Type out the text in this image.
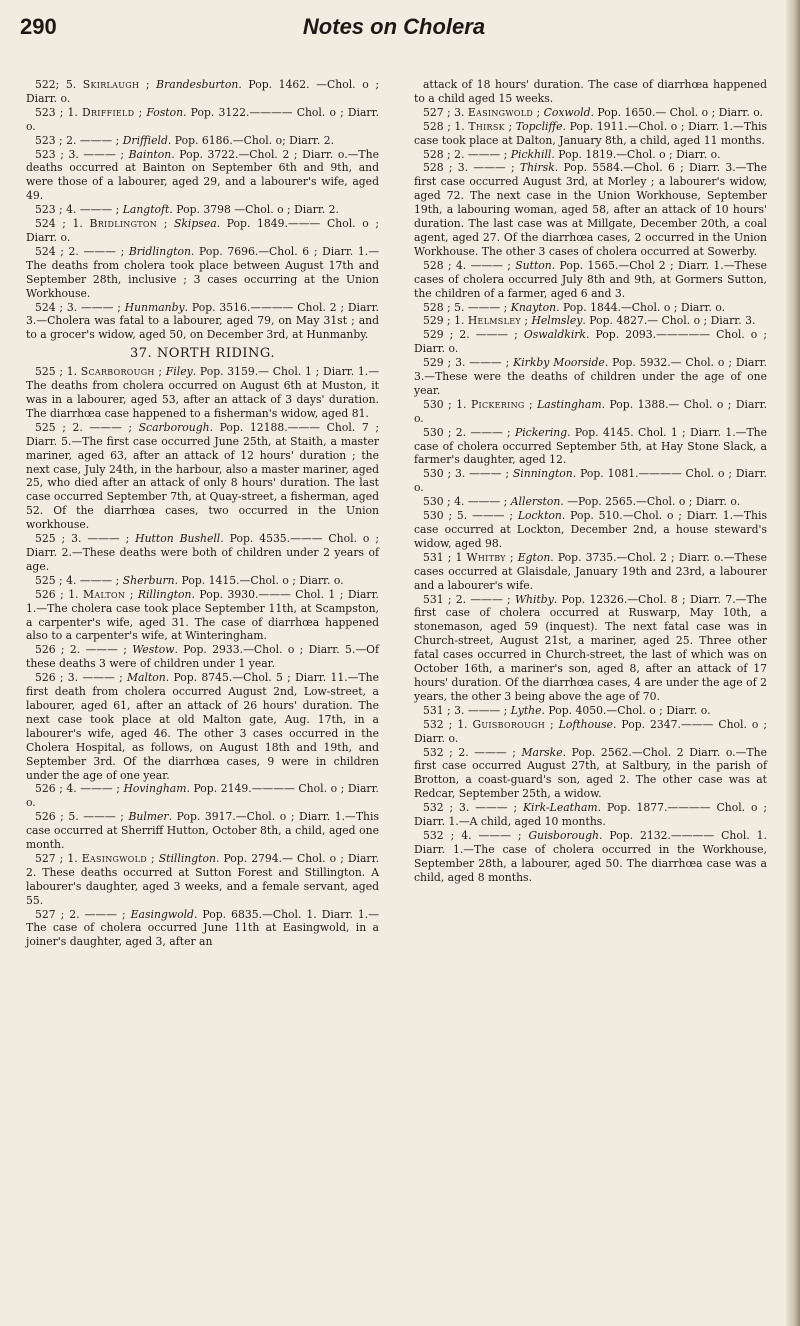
290	Notes on Cholera

522; 5. Skirlaugh ; Brandesburton. Pop. 1462. —Chol. o ; Diarr. o.

523 ; 1. Driffield ; Foston. Pop. 3122.———— Chol. o ; Diarr. o.

523 ; 2. ——— ; Driffield. Pop. 6186.—Chol. o; Diarr. 2.

523 ; 3. ——— ; Bainton. Pop. 3722.—Chol. 2 ; Diarr. o.—The deaths occurred at Bainton on September 6th and 9th, and were those of a labourer, aged 29, and a labourer's wife, aged 49.

523 ; 4. ——— ; Langtoft. Pop. 3798 —Chol. o ; Diarr. 2.

524 ; 1. Bridlington ; Skipsea. Pop. 1849.——— Chol. o ; Diarr. o.

524 ; 2. ——— ; Bridlington. Pop. 7696.—Chol. 6 ; Diarr. 1.—The deaths from cholera took place between August 17th and September 28th, inclusive ; 3 cases occurring at the Union Workhouse.

524 ; 3. ——— ; Hunmanby. Pop. 3516.———— Chol. 2 ; Diarr. 3.—Cholera was fatal to a labourer, aged 79, on May 31st ; and to a grocer's widow, aged 50, on December 3rd, at Hunmanby.

37. NORTH RIDING.

525 ; 1. Scarborough ; Filey. Pop. 3159.— Chol. 1 ; Diarr. 1.—The deaths from cholera occurred on August 6th at Muston, it was in a labourer, aged 53, after an attack of 3 days' duration. The diarrhœa case happened to a fisherman's widow, aged 81.

525 ; 2. ——— ; Scarborough. Pop. 12188.——— Chol. 7 ; Diarr. 5.—The first case occurred June 25th, at Staith, a master mariner, aged 63, after an attack of 12 hours' duration ; the next case, July 24th, in the harbour, also a master mariner, aged 25, who died after an attack of only 8 hours' duration. The last case occurred September 7th, at Quay-street, a fisherman, aged 52. Of the diarrhœa cases, two occurred in the Union workhouse.

525 ; 3. ——— ; Hutton Bushell. Pop. 4535.——— Chol. o ; Diarr. 2.—These deaths were both of children under 2 years of age.

525 ; 4. ——— ; Sherburn. Pop. 1415.—Chol. o ; Diarr. o.

526 ; 1. Malton ; Rillington. Pop. 3930.——— Chol. 1 ; Diarr. 1.—The cholera case took place September 11th, at Scampston, a carpenter's wife, aged 31. The case of diarrhœa happened also to a carpenter's wife, at Winteringham.

526 ; 2. ——— ; Westow. Pop. 2933.—Chol. o ; Diarr. 5.—Of these deaths 3 were of children under 1 year.

526 ; 3. ——— ; Malton. Pop. 8745.—Chol. 5 ; Diarr. 11.—The first death from cholera occurred August 2nd, Low-street, a labourer, aged 61, after an attack of 26 hours' duration. The next case took place at old Malton gate, Aug. 17th, in a labourer's wife, aged 46. The other 3 cases occurred in the Cholera Hospital, as follows, on August 18th and 19th, and September 3rd. Of the diarrhœa cases, 9 were in children under the age of one year.

526 ; 4. ——— ; Hovingham. Pop. 2149.———— Chol. o ; Diarr. o.

526 ; 5. ——— ; Bulmer. Pop. 3917.—Chol. o ; Diarr. 1.—This case occurred at Sherriff Hutton, October 8th, a child, aged one month.

527 ; 1. Easingwold ; Stillington. Pop. 2794.— Chol. o ; Diarr. 2. These deaths occurred at Sutton Forest and Stillington. A labourer's daughter, aged 3 weeks, and a female servant, aged 55.

527 ; 2. ——— ; Easingwold. Pop. 6835.—Chol. 1. Diarr. 1.—The case of cholera occurred June 11th at Easingwold, in a joiner's daughter, aged 3, after an

attack of 18 hours' duration. The case of diarrhœa happened to a child aged 15 weeks.

527 ; 3. Easingwold ; Coxwold. Pop. 1650.— Chol. o ; Diarr. o.

528 ; 1. Thirsk ; Topcliffe. Pop. 1911.—Chol. o ; Diarr. 1.—This case took place at Dalton, January 8th, a child, aged 11 months.

528 ; 2. ——— ; Pickhill. Pop. 1819.—Chol. o ; Diarr. o.

528 ; 3. ——— ; Thirsk. Pop. 5584.—Chol. 6 ; Diarr. 3.—The first case occurred August 3rd, at Morley ; a labourer's widow, aged 72. The next case in the Union Workhouse, September 19th, a labouring woman, aged 58, after an attack of 10 hours' duration. The last case was at Millgate, December 20th, a coal agent, aged 27. Of the diarrhœa cases, 2 occurred in the Union Workhouse. The other 3 cases of cholera occurred at Sowerby.

528 ; 4. ——— ; Sutton. Pop. 1565.—Chol 2 ; Diarr. 1.—These cases of cholera occurred July 8th and 9th, at Gormers Sutton, the children of a farmer, aged 6 and 3.

528 ; 5. ——— ; Knayton. Pop. 1844.—Chol. o ; Diarr. o.

529 ; 1. Helmsley ; Helmsley. Pop. 4827.— Chol. o ; Diarr. 3.

529 ; 2. ——— ; Oswaldkirk. Pop. 2093.————— Chol. o ; Diarr. o.

529 ; 3. ——— ; Kirkby Moorside. Pop. 5932.— Chol. o ; Diarr. 3.—These were the deaths of children under the age of one year.

530 ; 1. Pickering ; Lastingham. Pop. 1388.— Chol. o ; Diarr. o.

530 ; 2. ——— ; Pickering. Pop. 4145. Chol. 1 ; Diarr. 1.—The case of cholera occurred September 5th, at Hay Stone Slack, a farmer's daughter, aged 12.

530 ; 3. ——— ; Sinnington. Pop. 1081.———— Chol. o ; Diarr. o.

530 ; 4. ——— ; Allerston. —Pop. 2565.—Chol. o ; Diarr. o.

530 ; 5. ——— ; Lockton. Pop. 510.—Chol. o ; Diarr. 1.—This case occurred at Lockton, December 2nd, a house steward's widow, aged 98.

531 ; 1 Whitby ; Egton. Pop. 3735.—Chol. 2 ; Diarr. o.—These cases occurred at Glaisdale, January 19th and 23rd, a labourer and a labourer's wife.

531 ; 2. ——— ; Whitby. Pop. 12326.—Chol. 8 ; Diarr. 7.—The first case of cholera occurred at Ruswarp, May 10th, a stonemason, aged 59 (inquest). The next fatal case was in Church-street, August 21st, a mariner, aged 25. Three other fatal cases occurred in Church-street, the last of which was on October 16th, a mariner's son, aged 8, after an attack of 17 hours' duration. Of the diarrhœa cases, 4 are under the age of 2 years, the other 3 being above the age of 70.

531 ; 3. ——— ; Lythe. Pop. 4050.—Chol. o ; Diarr. o.

532 ; 1. Guisborough ; Lofthouse. Pop. 2347.——— Chol. o ; Diarr. o.

532 ; 2. ——— ; Marske. Pop. 2562.—Chol. 2 Diarr. o.—The first case occurred August 27th, at Saltbury, in the parish of Brotton, a coast-guard's son, aged 2. The other case was at Redcar, September 25th, a widow.

532 ; 3. ——— ; Kirk-Leatham. Pop. 1877.———— Chol. o ; Diarr. 1.—A child, aged 10 months.

532 ; 4. ——— ; Guisborough. Pop. 2132.———— Chol. 1. Diarr. 1.—The case of cholera occurred in the Workhouse, September 28th, a labourer, aged 50. The diarrhœa case was a child, aged 8 months.
